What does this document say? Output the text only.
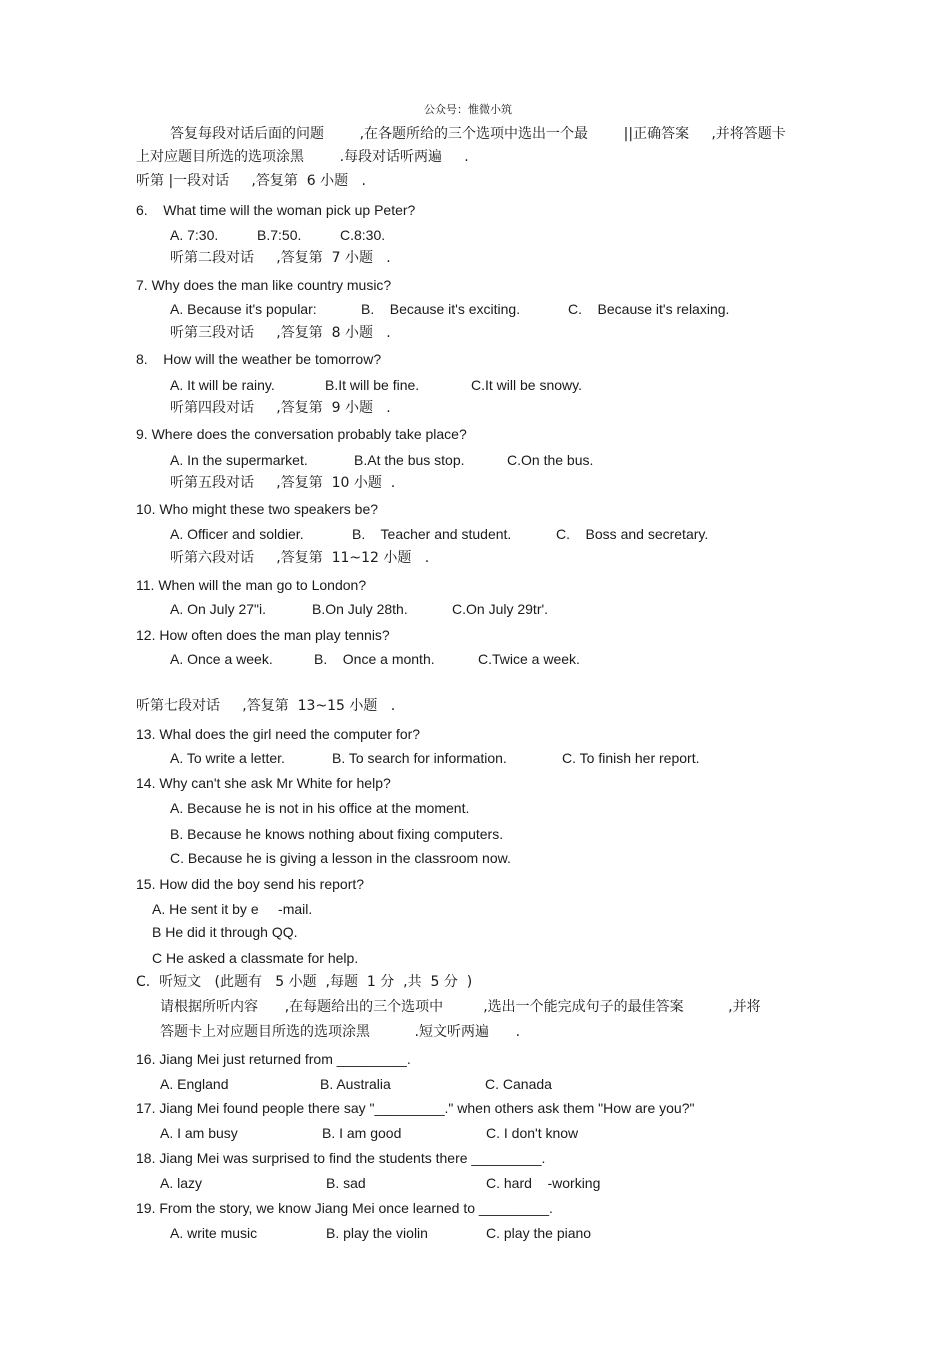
公众号：惟微小筑
答复每段对话后面的问题        ,在各题所给的三个选项中选出一个最        ||正确答案     ,并将答题卡
上对应题目所选的选项涂黑        .每段对话听两遍     .
听第 |一段对话     ,答复第  6 小题   .
6.    What time will the woman pick up Peter?
A. 7:30.	B.7:50.	C.8:30.
听第二段对话     ,答复第  7 小题   .
7. Why does the man like country music?
A. Because it's popular:	B.    Because it's exciting.	C.    Because it's relaxing.
听第三段对话     ,答复第  8 小题   .
8.    How will the weather be tomorrow?
A. It will be rainy.	B.It will be fine.	C.It will be snowy.
听第四段对话     ,答复第  9 小题   .
9. Where does the conversation probably take place?
A. In the supermarket.	B.At the bus stop.	C.On the bus.
听第五段对话     ,答复第  10 小题  .
10. Who might these two speakers be?
A. Officer and soldier.	B.    Teacher and student.	C.    Boss and secretary.
听第六段对话     ,答复第  11~12 小题   .
11. When will the man go to London?
A. On July 27"i.	B.On July 28th.	C.On July 29tr'.
12. How often does the man play tennis?
A. Once a week.	B.    Once a month.	C.Twice a week.
听第七段对话     ,答复第  13~15 小题   .
13. Whal does the girl need the computer for?
A. To write a letter.	B. To search for information.	C. To finish her report.
14. Why can't she ask Mr White for help?
A. Because he is not in his office at the moment.
B. Because he knows nothing about fixing computers.
C. Because he is giving a lesson in the classroom now.
15. How did the boy send his report?
A. He sent it by e     -mail.
B He did it through QQ.
C He asked a classmate for help.
C.  听短文   (此题有   5 小题  ,每题  1 分  ,共  5 分  )
请根据所听内容      ,在每题给出的三个选项中         ,选出一个能完成句子的最佳答案          ,并将
答题卡上对应题目所选的选项涂黑          .短文听两遍      .
16. Jiang Mei just returned from _________.
A. England	B. Australia	C. Canada
17. Jiang Mei found people there say "_________." when others ask them "How are you?"
A. I am busy	B. I am good	C. I don't know
18. Jiang Mei was surprised to find the students there _________.
A. lazy	B. sad	C. hard    -working
19. From the story, we know Jiang Mei once learned to _________.
A. write music	B. play the violin	C. play the piano
